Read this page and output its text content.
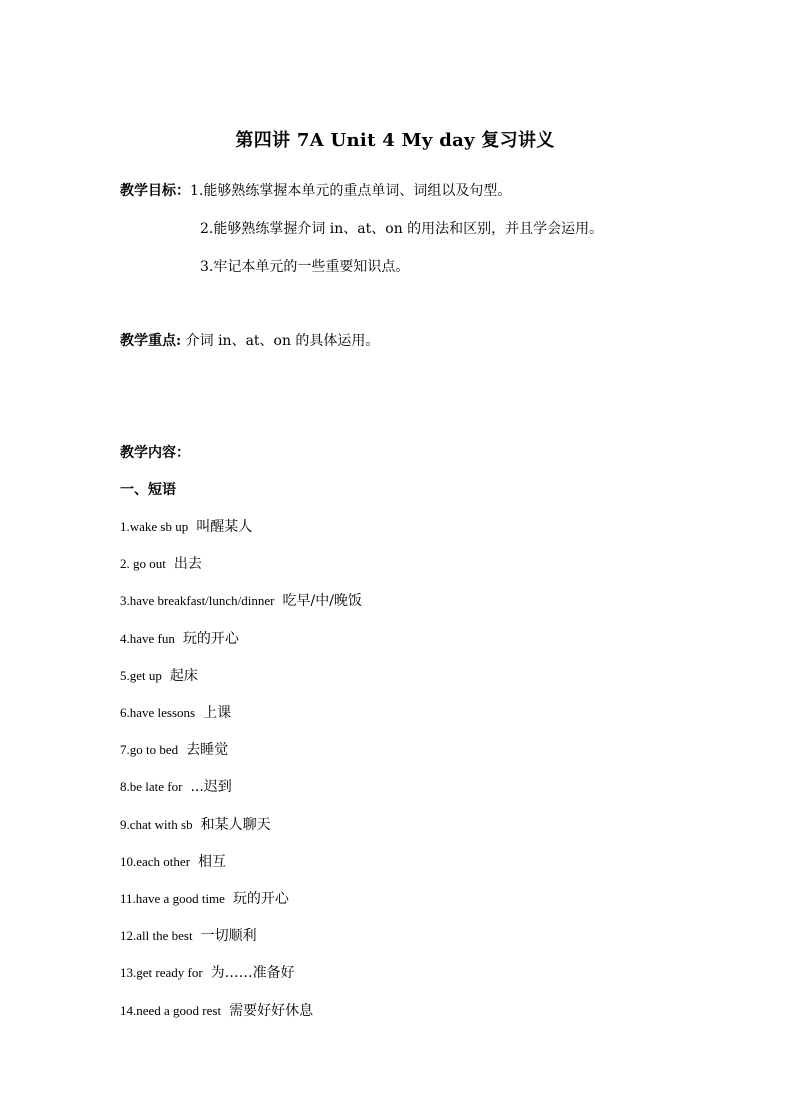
第四讲 7A Unit 4 My day 复习讲义
教学目标：1.能够熟练掌握本单元的重点单词、词组以及句型。
2.能够熟练掌握介词 in、at、on 的用法和区别，并且学会运用。
3.牢记本单元的一些重要知识点。
教学重点: 介词 in、at、on 的具体运用。
教学内容：
一、短语
1.wake sb up 叫醒某人
2. go out 出去
3.have breakfast/lunch/dinner 吃早/中/晚饭
4.have fun 玩的开心
5.get up 起床
6.have lessons 上课
7.go to bed 去睡觉
8.be late for ...迟到
9.chat with sb 和某人聊天
10.each other 相互
11.have a good time 玩的开心
12.all the best 一切顺利
13.get ready for 为……准备好
14.need a good rest 需要好好休息
